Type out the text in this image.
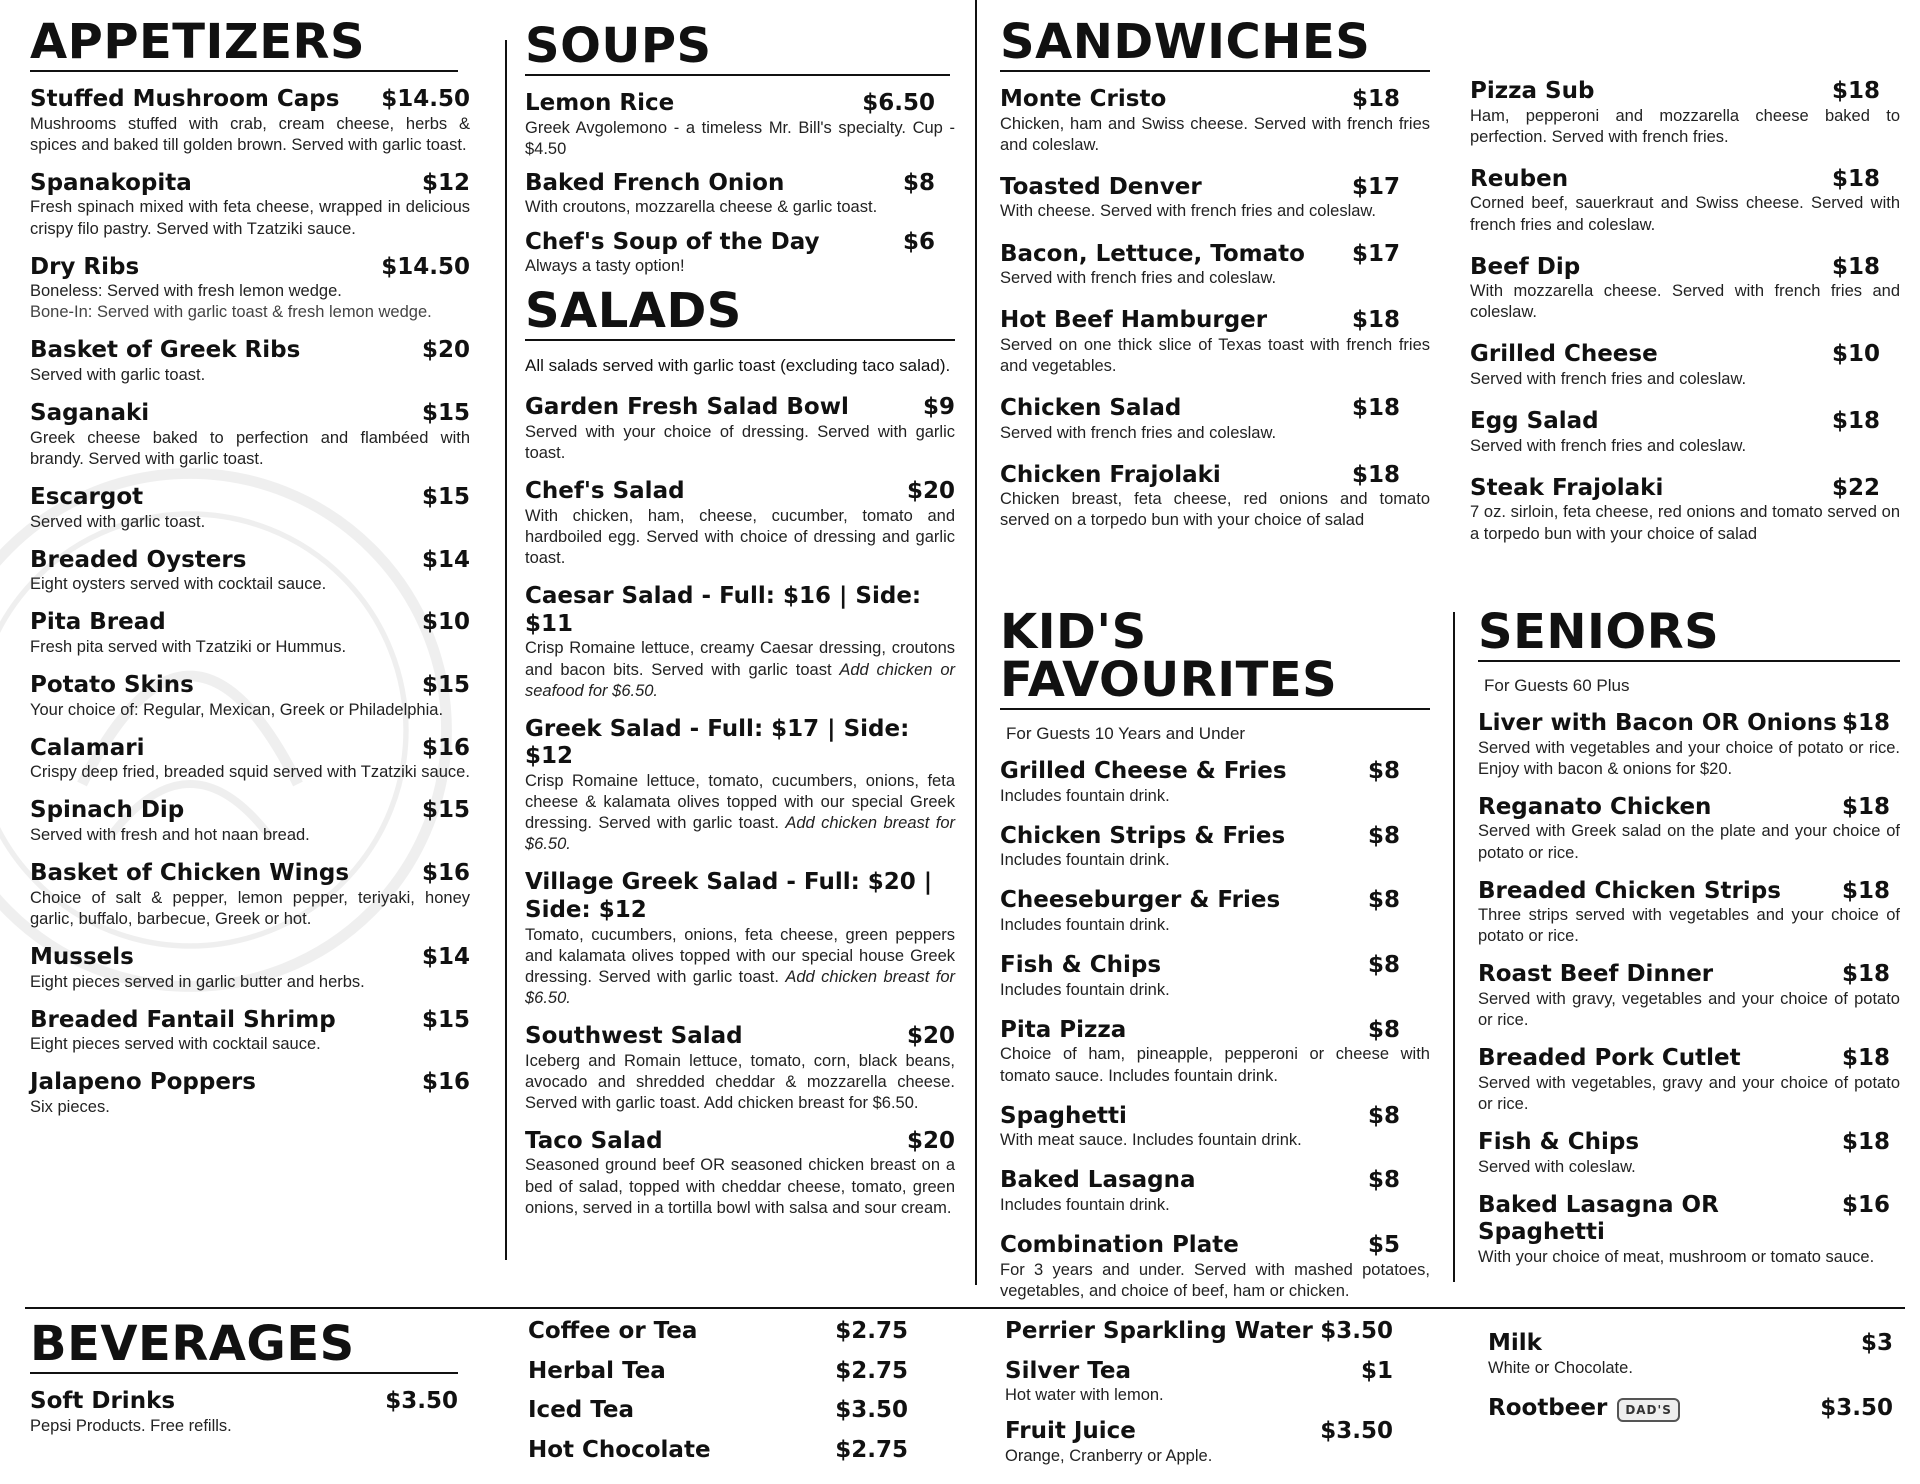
APPETIZERS
Stuffed Mushroom Caps $14.50
Mushrooms stuffed with crab, cream cheese, herbs & spices and baked till golden brown. Served with garlic toast.
Spanakopita	$12
Fresh spinach mixed with feta cheese, wrapped in delicious crispy filo pastry. Served with Tzatziki sauce.
Dry Ribs	$14.50
Boneless: Served with fresh lemon wedge.
Bone-In: Served with garlic toast & fresh lemon wedge.
Basket of Greek Ribs	$20
Served with garlic toast.
Saganaki	$15
Greek cheese baked to perfection and flambéed with brandy. Served with garlic toast.
Escargot	$15
Served with garlic toast.
Breaded Oysters	$14
Eight oysters served with cocktail sauce.
Pita Bread	$10
Fresh pita served with Tzatziki or Hummus.
Potato Skins	$15
Your choice of: Regular, Mexican, Greek or Philadelphia.
Calamari	$16
Crispy deep fried, breaded squid served with Tzatziki sauce.
Spinach Dip	$15
Served with fresh and hot naan bread.
Basket of Chicken Wings	$16
Choice of salt & pepper, lemon pepper, teriyaki, honey garlic, buffalo, barbecue, Greek or hot.
Mussels	$14
Eight pieces served in garlic butter and herbs.
Breaded Fantail Shrimp	$15
Eight pieces served with cocktail sauce.
Jalapeno Poppers	$16
Six pieces.
SOUPS
Lemon Rice	$6.50
Greek Avgolemono - a timeless Mr. Bill's specialty. Cup - $4.50
Baked French Onion	$8
With croutons, mozzarella cheese & garlic toast.
Chef's Soup of the Day	$6
Always a tasty option!
SALADS

All salads served with garlic toast (excluding taco salad).

Garden Fresh Salad Bowl	$9
Served with your choice of dressing. Served with garlic toast.
Chef's Salad	$20
With chicken, ham, cheese, cucumber, tomato and hardboiled egg. Served with choice of dressing and garlic toast.
Caesar Salad - Full: $16 | Side: $11
Crisp Romaine lettuce, creamy Caesar dressing, croutons and bacon bits. Served with garlic toast Add chicken or seafood for $6.50.
Greek Salad - Full: $17 | Side: $12
Crisp Romaine lettuce, tomato, cucumbers, onions, feta cheese & kalamata olives topped with our special Greek dressing. Served with garlic toast. Add chicken breast for $6.50.
Village Greek Salad - Full: $20 | Side: $12
Tomato, cucumbers, onions, feta cheese, green peppers and kalamata olives topped with our special house Greek dressing. Served with garlic toast. Add chicken breast for $6.50.
Southwest Salad	$20
Iceberg and Romain lettuce, tomato, corn, black beans, avocado and shredded cheddar & mozzarella cheese. Served with garlic toast. Add chicken breast for $6.50.
Taco Salad	$20
Seasoned ground beef OR seasoned chicken breast on a bed of salad, topped with cheddar cheese, tomato, green onions, served in a tortilla bowl with salsa and sour cream.
SANDWICHES
Monte Cristo	$18
Chicken, ham and Swiss cheese. Served with french fries and coleslaw.
Toasted Denver	$17
With cheese. Served with french fries and coleslaw.
Bacon, Lettuce, Tomato $17
Served with french fries and coleslaw.
Hot Beef Hamburger	$18
Served on one thick slice of Texas toast with french fries and vegetables.
Chicken Salad	$18
Served with french fries and coleslaw.
Chicken Frajolaki	$18
Chicken breast, feta cheese, red onions and tomato served on a torpedo bun with your choice of salad
Pizza Sub	$18
Ham, pepperoni and mozzarella cheese baked to perfection. Served with french fries.
Reuben	$18
Corned beef, sauerkraut and Swiss cheese. Served with french fries and coleslaw.
Beef Dip	$18
With mozzarella cheese. Served with french fries and coleslaw.
Grilled Cheese	$10
Served with french fries and coleslaw.
Egg Salad	$18
Served with french fries and coleslaw.
Steak Frajolaki	$22
7 oz. sirloin, feta cheese, red onions and tomato served on a torpedo bun with your choice of salad
KID'S FAVOURITES

For Guests 10 Years and Under

Grilled Cheese & Fries	$8
Includes fountain drink.
Chicken Strips & Fries	$8
Includes fountain drink.
Cheeseburger & Fries	$8
Includes fountain drink.
Fish & Chips	$8
Includes fountain drink.
Pita Pizza	$8
Choice of ham, pineapple, pepperoni or cheese with tomato sauce. Includes fountain drink.
Spaghetti	$8
With meat sauce. Includes fountain drink.
Baked Lasagna	$8
Includes fountain drink.
Combination Plate	$5
For 3 years and under. Served with mashed potatoes, vegetables, and choice of beef, ham or chicken.
SENIORS

For Guests 60 Plus

Liver with Bacon OR Onions $18
Served with vegetables and your choice of potato or rice. Enjoy with bacon & onions for $20.
Reganato Chicken	$18
Served with Greek salad on the plate and your choice of potato or rice.
Breaded Chicken Strips	$18
Three strips served with vegetables and your choice of potato or rice.
Roast Beef Dinner	$18
Served with gravy, vegetables and your choice of potato or rice.
Breaded Pork Cutlet	$18
Served with vegetables, gravy and your choice of potato or rice.
Fish & Chips	$18
Served with coleslaw.
Baked Lasagna OR Spaghetti
$16
With your choice of meat, mushroom or tomato sauce.
BEVERAGES
Soft Drinks	$3.50
Pepsi Products. Free refills.
Coffee or Tea	$2.75
Herbal Tea	$2.75
Iced Tea	$3.50
Hot Chocolate	$2.75
Perrier Sparkling Water $3.50
Silver Tea	$1
Hot water with lemon.
Fruit Juice	$3.50
Orange, Cranberry or Apple.
Milk	$3
White or Chocolate.
Rootbeer DAD'S	$3.50
